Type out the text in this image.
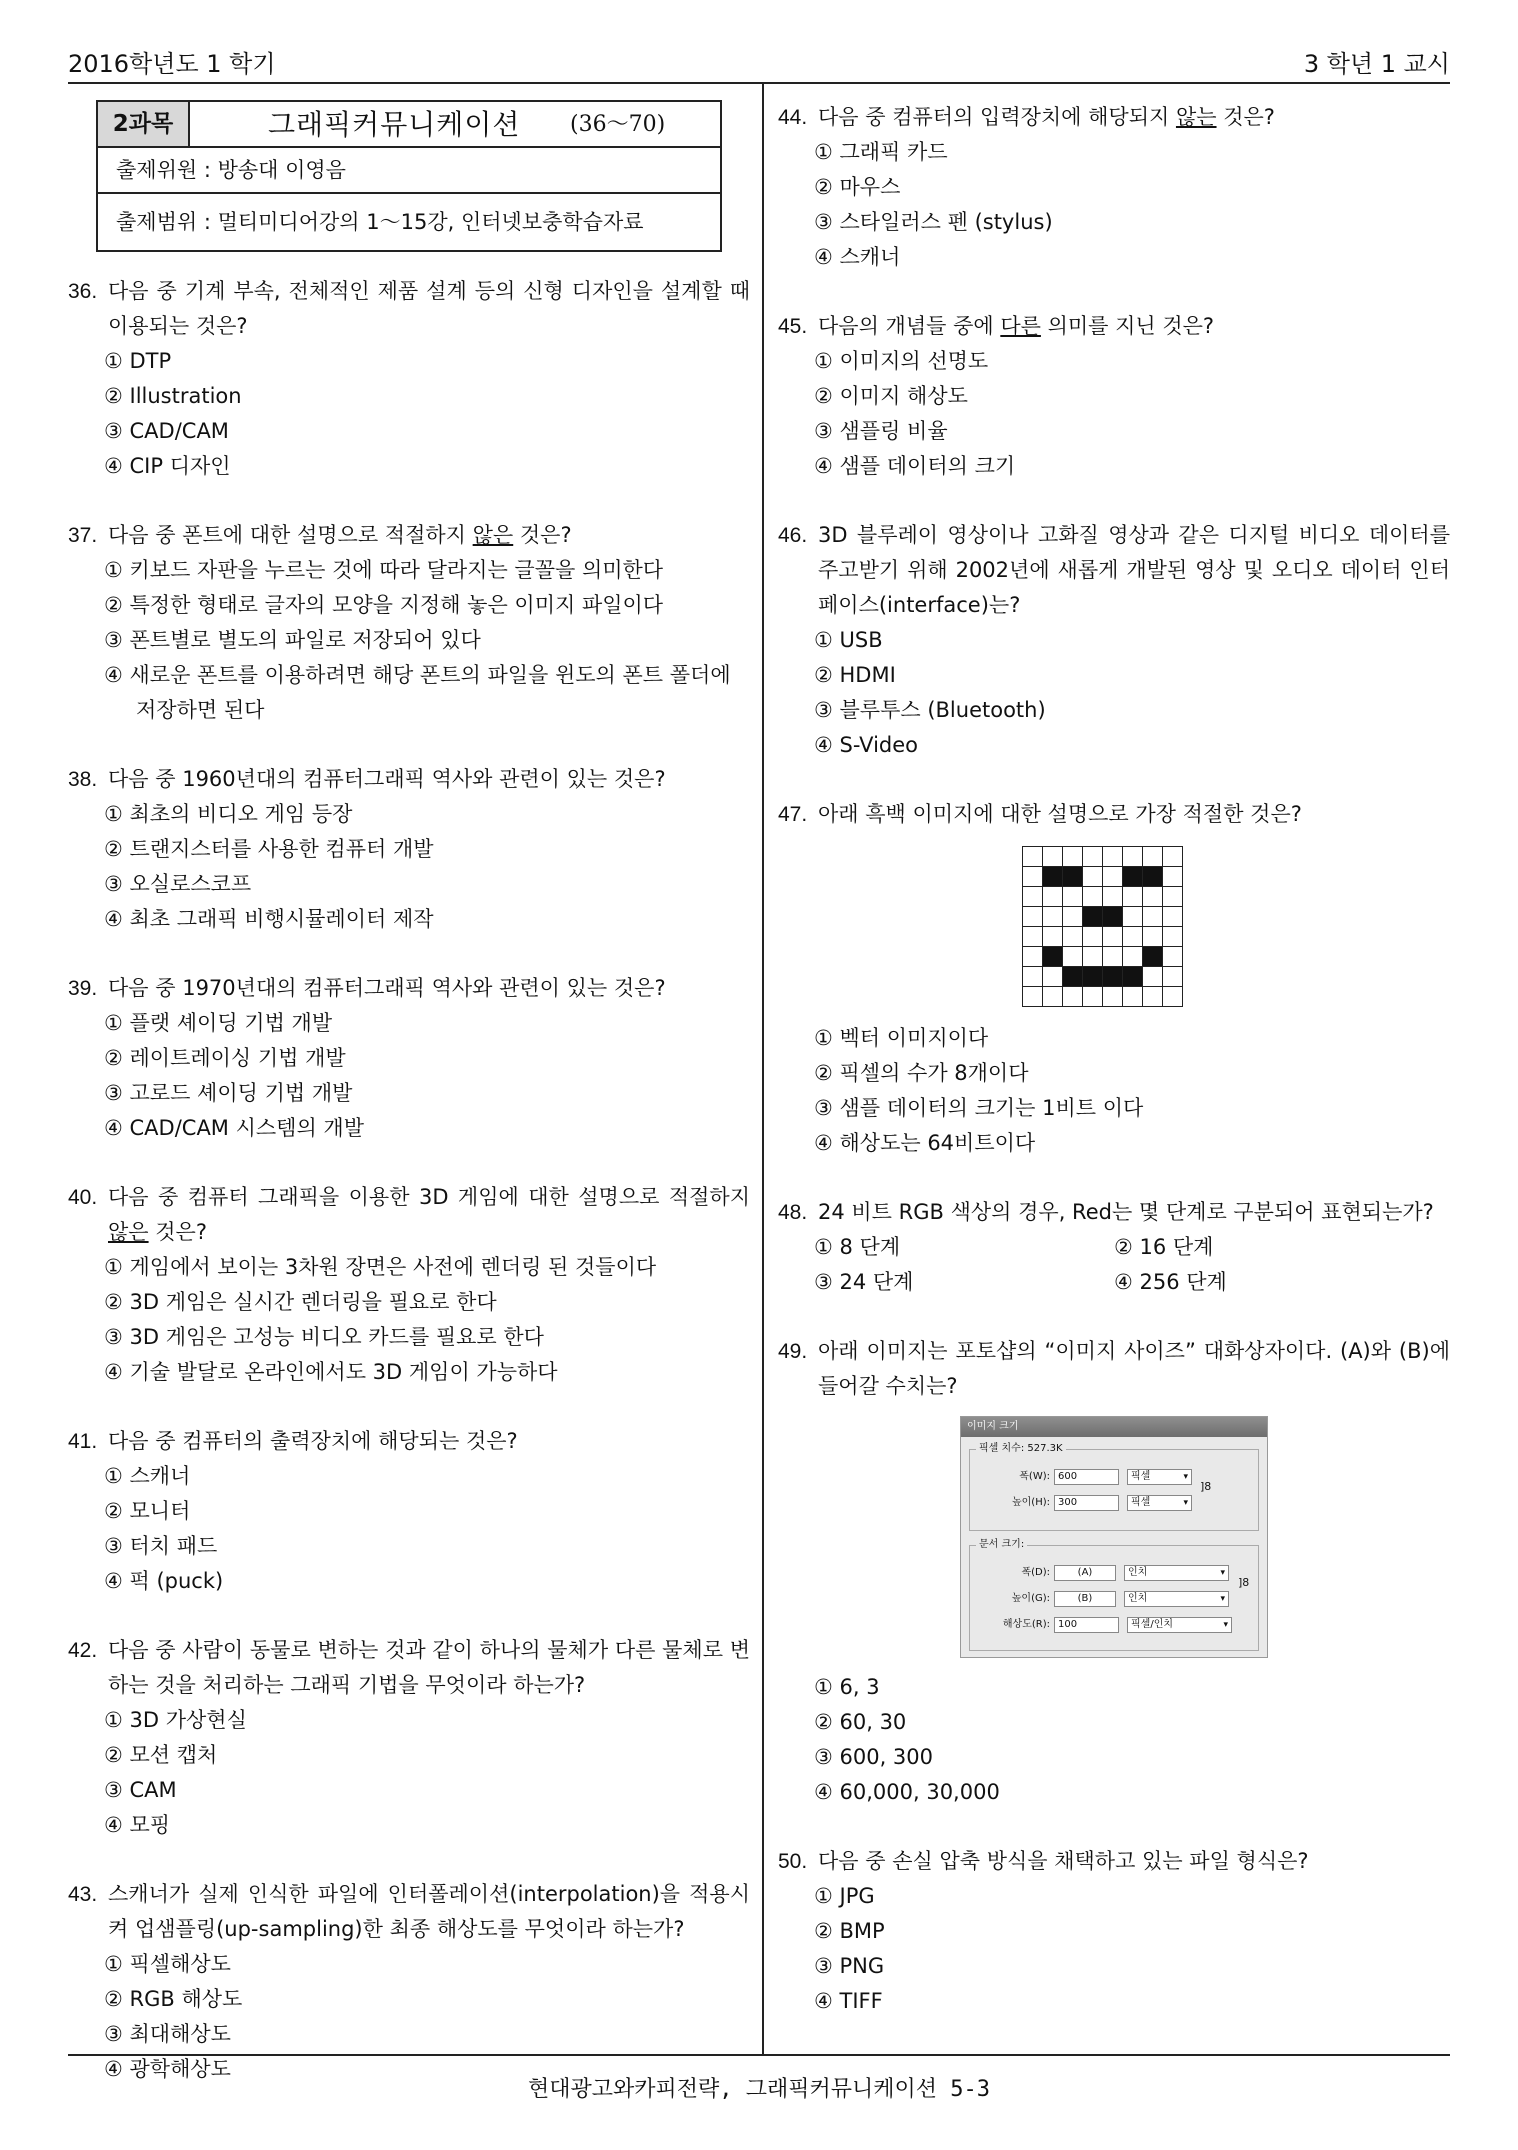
2016학년도 1 학기	3 학년 1 교시
2과목	그래픽커뮤니케이션	(36～70)
출제위원 : 방송대 이영음
출제범위 : 멀티미디어강의 1～15강, 인터넷보충학습자료
36. 다음 중 기계 부속, 전체적인 제품 설계 등의 신형 디자인을 설계할 때 이용되는 것은?
① DTP
② Illustration
③ CAD/CAM
④ CIP 디자인
37. 다음 중 폰트에 대한 설명으로 적절하지 않은 것은?
① 키보드 자판을 누르는 것에 따라 달라지는 글꼴을 의미한다
② 특정한 형태로 글자의 모양을 지정해 놓은 이미지 파일이다
③ 폰트별로 별도의 파일로 저장되어 있다
④ 새로운 폰트를 이용하려면 해당 폰트의 파일을 윈도의 폰트 폴더에 저장하면 된다
38. 다음 중 1960년대의 컴퓨터그래픽 역사와 관련이 있는 것은?
① 최초의 비디오 게임 등장
② 트랜지스터를 사용한 컴퓨터 개발
③ 오실로스코프
④ 최초 그래픽 비행시뮬레이터 제작
39. 다음 중 1970년대의 컴퓨터그래픽 역사와 관련이 있는 것은?
① 플랫 셰이딩 기법 개발
② 레이트레이싱 기법 개발
③ 고로드 셰이딩 기법 개발
④ CAD/CAM 시스템의 개발
40. 다음 중 컴퓨터 그래픽을 이용한 3D 게임에 대한 설명으로 적절하지 않은 것은?
① 게임에서 보이는 3차원 장면은 사전에 렌더링 된 것들이다
② 3D 게임은 실시간 렌더링을 필요로 한다
③ 3D 게임은 고성능 비디오 카드를 필요로 한다
④ 기술 발달로 온라인에서도 3D 게임이 가능하다
41. 다음 중 컴퓨터의 출력장치에 해당되는 것은?
① 스캐너
② 모니터
③ 터치 패드
④ 퍽 (puck)
42. 다음 중 사람이 동물로 변하는 것과 같이 하나의 물체가 다른 물체로 변하는 것을 처리하는 그래픽 기법을 무엇이라 하는가?
① 3D 가상현실
② 모션 캡처
③ CAM
④ 모핑
43. 스캐너가 실제 인식한 파일에 인터폴레이션(interpolation)을 적용시켜 업샘플링(up-sampling)한 최종 해상도를 무엇이라 하는가?
① 픽셀해상도
② RGB 해상도
③ 최대해상도
④ 광학해상도
44. 다음 중 컴퓨터의 입력장치에 해당되지 않는 것은?
① 그래픽 카드
② 마우스
③ 스타일러스 펜 (stylus)
④ 스캐너
45. 다음의 개념들 중에 다른 의미를 지닌 것은?
① 이미지의 선명도
② 이미지 해상도
③ 샘플링 비율
④ 샘플 데이터의 크기
46. 3D 블루레이 영상이나 고화질 영상과 같은 디지털 비디오 데이터를 주고받기 위해 2002년에 새롭게 개발된 영상 및 오디오 데이터 인터페이스(interface)는?
① USB
② HDMI
③ 블루투스 (Bluetooth)
④ S-Video
47. 아래 흑백 이미지에 대한 설명으로 가장 적절한 것은?
① 벡터 이미지이다
② 픽셀의 수가 8개이다
③ 샘플 데이터의 크기는 1비트 이다
④ 해상도는 64비트이다
48. 24 비트 RGB 색상의 경우, Red는 몇 단계로 구분되어 표현되는가?
① 8 단계	② 16 단계
③ 24 단계	④ 256 단계
49. 아래 이미지는 포토샵의 “이미지 사이즈” 대화상자이다. (A)와 (B)에 들어갈 수치는?
이미지 크기
픽셀 치수: 527.3K
폭(W): 600	픽셀 ▾
높이(H): 300	픽셀 ▾
]8
문서 크기:
폭(D):	(A)	인치 ▾
높이(G):	(B)	인치 ▾
해상도(R): 100	픽셀/인치 ▾
]8
① 6, 3
② 60, 30
③ 600, 300
④ 60,000, 30,000
50. 다음 중 손실 압축 방식을 채택하고 있는 파일 형식은?
① JPG
② BMP
③ PNG
④ TIFF
현대광고와카피전략, 그래픽커뮤니케이션 5-3
